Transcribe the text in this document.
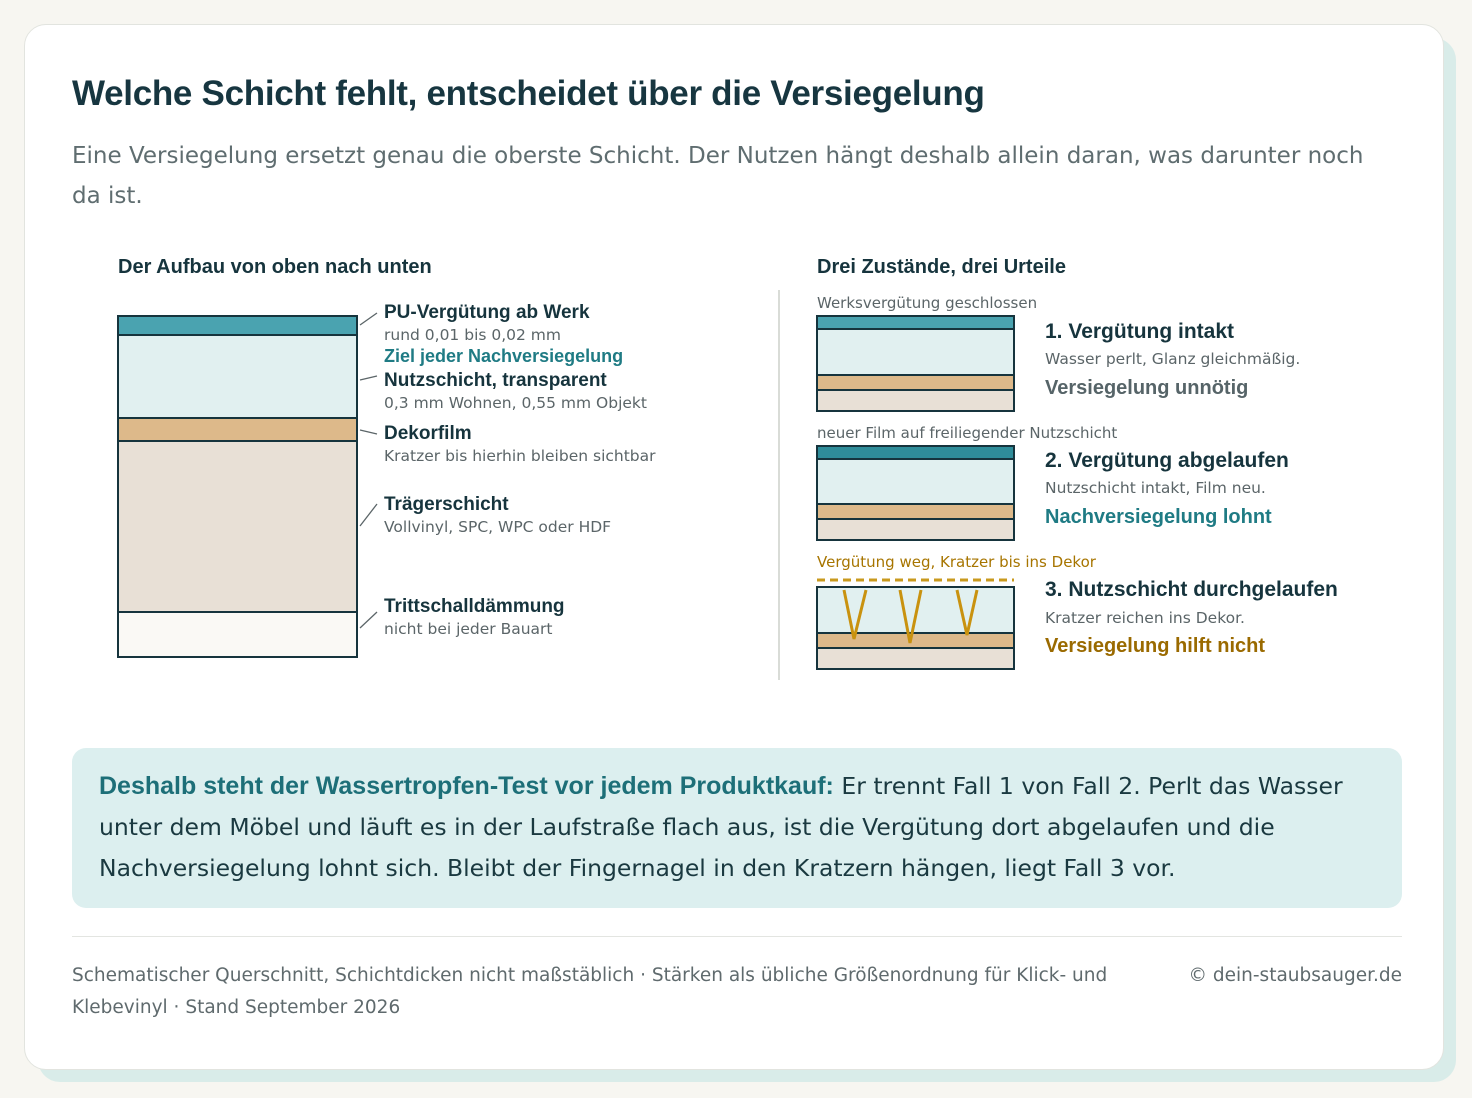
Welche Schicht fehlt, entscheidet über die Versiegelung

Eine Versiegelung ersetzt genau die oberste Schicht. Der Nutzen hängt deshalb allein daran, was darunter noch da ist.

Der Aufbau von oben nach unten	Drei Zustände, drei Urteile
PU-Vergütung ab Werk
rund 0,01 bis 0,02 mm
Ziel jeder Nachversiegelung
Nutzschicht, transparent
0,3 mm Wohnen, 0,55 mm Objekt
Dekorfilm
Kratzer bis hierhin bleiben sichtbar
Trägerschicht
Vollvinyl, SPC, WPC oder HDF
Trittschalldämmung
nicht bei jeder Bauart
Werksvergütung geschlossen
1. Vergütung intakt
Wasser perlt, Glanz gleichmäßig.
Versiegelung unnötig
neuer Film auf freiliegender Nutzschicht
2. Vergütung abgelaufen
Nutzschicht intakt, Film neu.
Nachversiegelung lohnt
Vergütung weg, Kratzer bis ins Dekor
3. Nutzschicht durchgelaufen
Kratzer reichen ins Dekor.
Versiegelung hilft nicht
Deshalb steht der Wassertropfen-Test vor jedem Produktkauf: Er trennt Fall 1 von Fall 2. Perlt das Wasser unter dem Möbel und läuft es in der Laufstraße flach aus, ist die Vergütung dort abgelaufen und die Nachversiegelung lohnt sich. Bleibt der Fingernagel in den Kratzern hängen, liegt Fall 3 vor.

Schematischer Querschnitt, Schichtdicken nicht maßstäblich · Stärken als übliche Größenordnung für Klick- und Klebevinyl · Stand September 2026

© dein-staubsauger.de
